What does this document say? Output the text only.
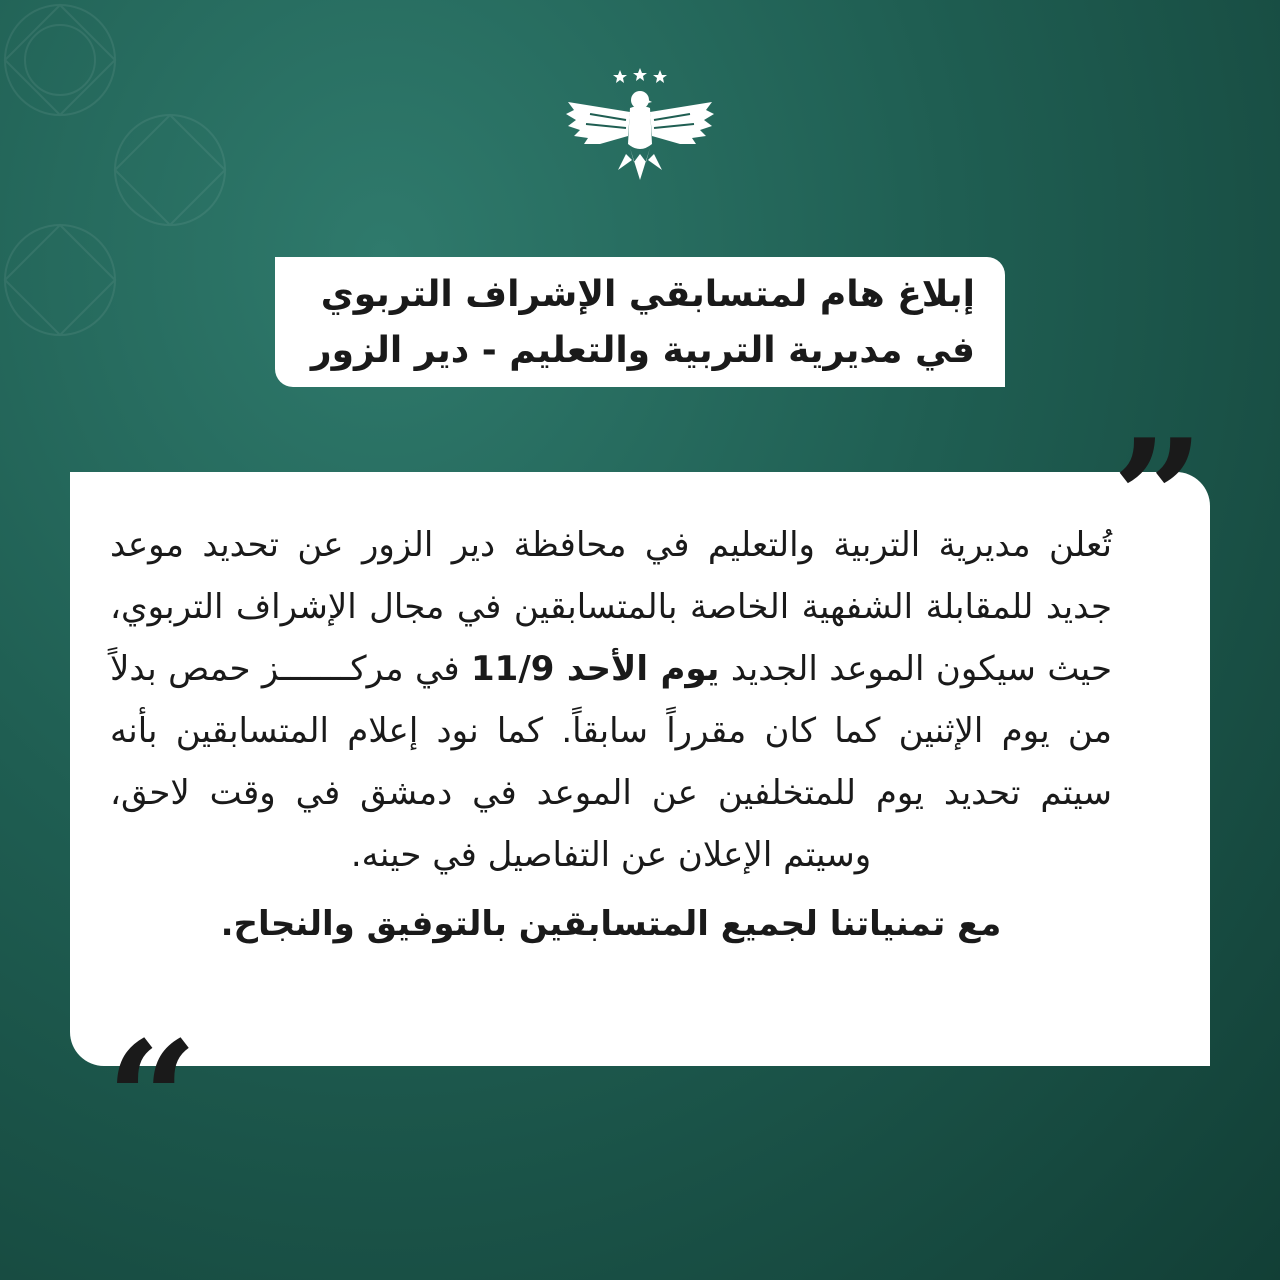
إبلاغ هام لمتسابقي الإشراف التربوي
في مديرية التربية والتعليم - دير الزور
تُعلن مديرية التربية والتعليم في محافظة دير الزور عن تحديد موعد جديد للمقابلة الشفهية الخاصة بالمتسابقين في مجال الإشراف التربوي، حيث سيكون الموعد الجديد يوم الأحد 11/9 في مركـــــــز حمص بدلاً من يوم الإثنين كما كان مقرراً سابقاً. كما نود إعلام المتسابقين بأنه سيتم تحديد يوم للمتخلفين عن الموعد في دمشق في وقت لاحق، وسيتم الإعلان عن التفاصيل في حينه.
مع تمنياتنا لجميع المتسابقين بالتوفيق والنجاح.
”
“
